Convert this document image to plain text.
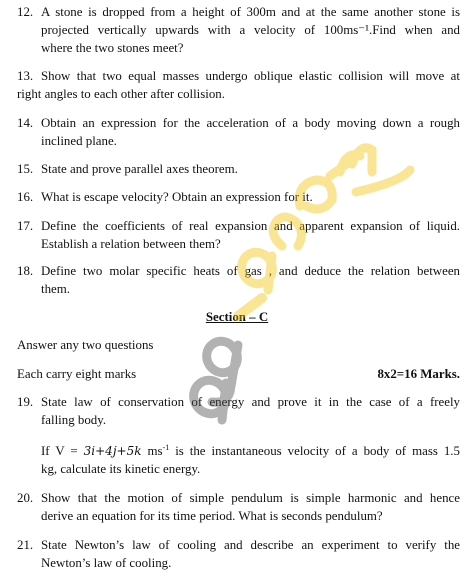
12. A stone is dropped from a height of 300m and at the same another stone is
projected vertically upwards with a velocity of 100ms⁻¹.Find when and
where the two stones meet?
13. Show that two equal masses undergo oblique elastic collision will move at
right angles to each other after collision.
14. Obtain an expression for the acceleration of a body moving down a rough
inclined plane.
15. State and prove parallel axes theorem.
16. What is escape velocity? Obtain an expression for it.
17. Define the coefficients of real expansion and apparent expansion of liquid.
Establish a relation between them?
18. Define two molar specific heats of gas , and deduce the relation between
them.
Section – C
Answer any two questions
Each carry eight marks	8x2=16 Marks.
19. State law of conservation of energy and prove it in the case of a freely
falling body.
If V = 3i+4j+5k $ms^{-1}$ is the instantaneous velocity of a body of mass 1.5
kg, calculate its kinetic energy.
20. Show that the motion of simple pendulum is simple harmonic and hence
derive an equation for its time period. What is seconds pendulum?
21. State Newton’s law of cooling and describe an experiment to verify the
Newton’s law of cooling.
